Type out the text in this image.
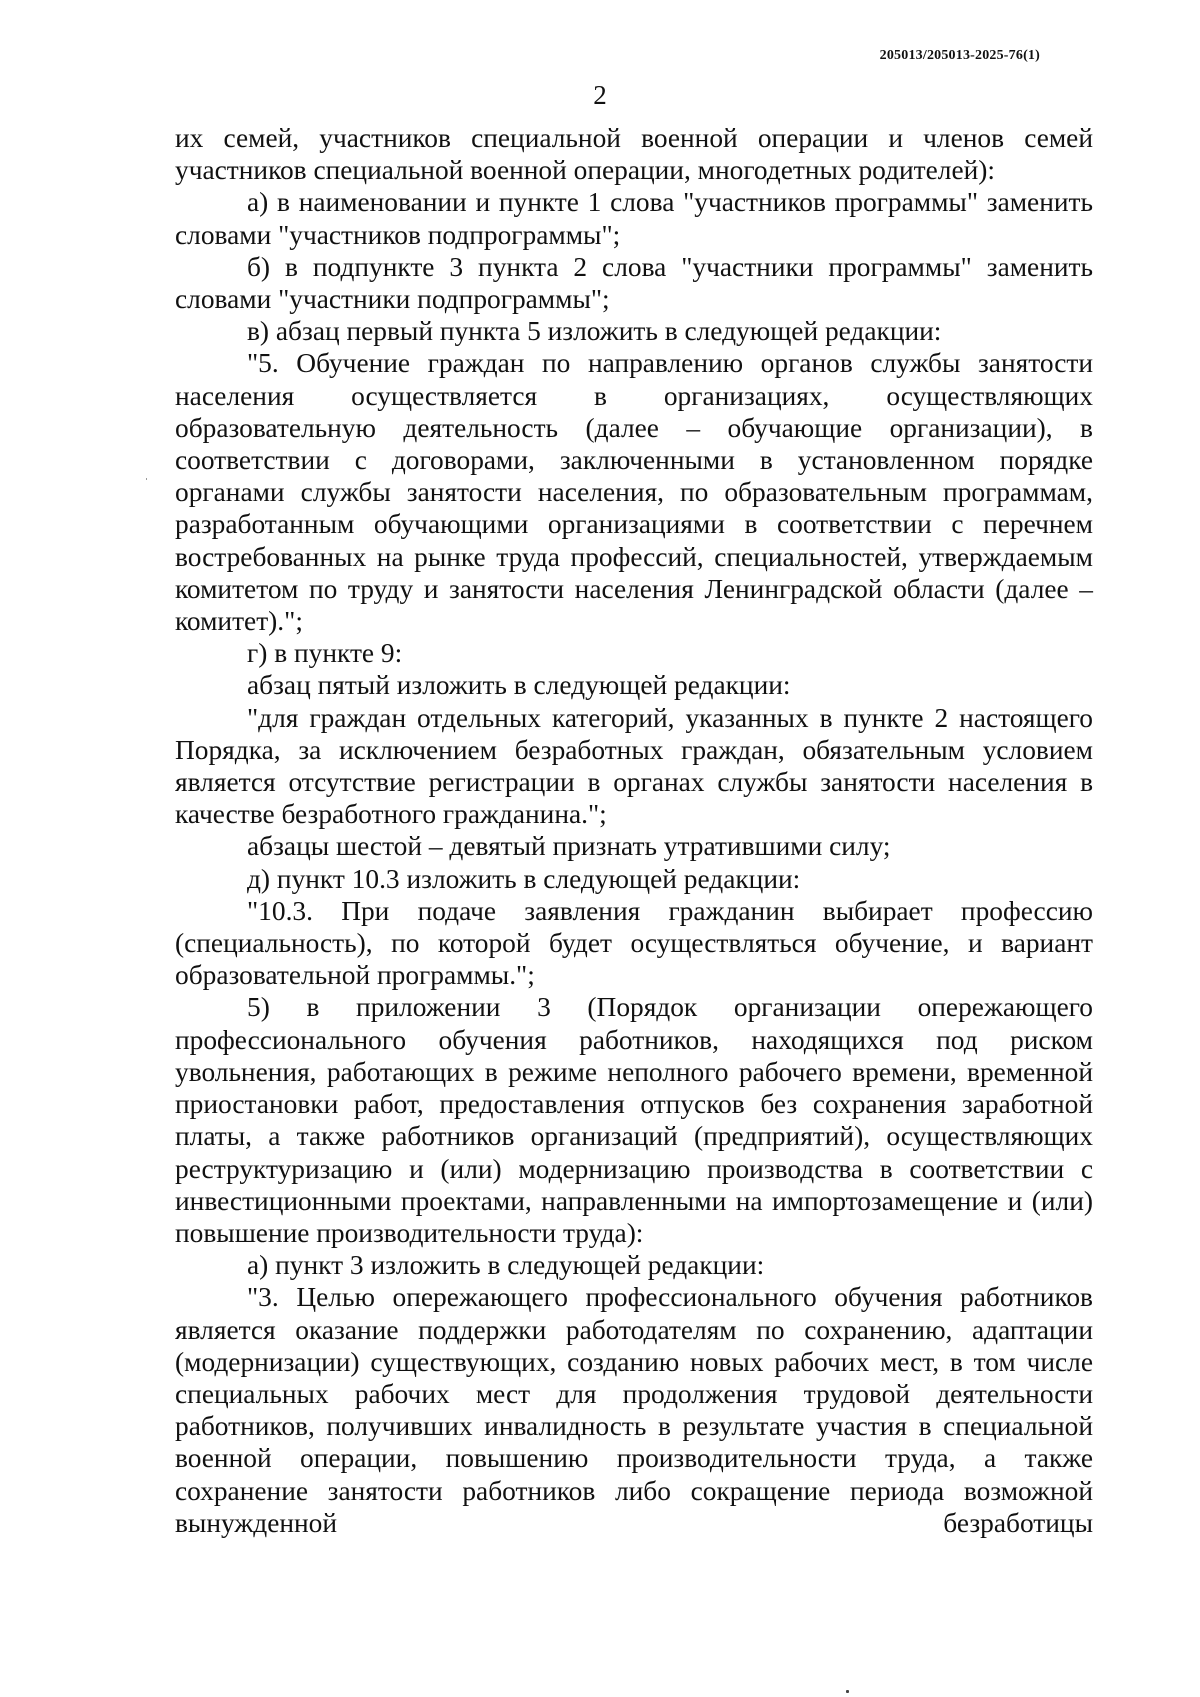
205013/205013-2025-76(1)
2

их семей, участников специальной военной операции и членов семей участников специальной военной операции, многодетных родителей):

а) в наименовании и пункте 1 слова "участников программы" заменить словами "участников подпрограммы";

б) в подпункте 3 пункта 2 слова "участники программы" заменить словами "участники подпрограммы";

в) абзац первый пункта 5 изложить в следующей редакции:

"5. Обучение граждан по направлению органов службы занятости населения осуществляется в организациях, осуществляющих образовательную деятельность (далее – обучающие организации), в соответствии с договорами, заключенными в установленном порядке органами службы занятости населения, по образовательным программам, разработанным обучающими организациями в соответствии с перечнем востребованных на рынке труда профессий, специальностей, утверждаемым комитетом по труду и занятости населения Ленинградской области (далее – комитет).";

г) в пункте 9:

абзац пятый изложить в следующей редакции:

"для граждан отдельных категорий, указанных в пункте 2 настоящего Порядка, за исключением безработных граждан, обязательным условием является отсутствие регистрации в органах службы занятости населения в качестве безработного гражданина.";

абзацы шестой – девятый признать утратившими силу;

д) пункт 10.3 изложить в следующей редакции:

"10.3. При подаче заявления гражданин выбирает профессию (специальность), по которой будет осуществляться обучение, и вариант образовательной программы.";

5) в приложении 3 (Порядок организации опережающего профессионального обучения работников, находящихся под риском увольнения, работающих в режиме неполного рабочего времени, временной приостановки работ, предоставления отпусков без сохранения заработной платы, а также работников организаций (предприятий), осуществляющих реструктуризацию и (или) модернизацию производства в соответствии с инвестиционными проектами, направленными на импортозамещение и (или) повышение производительности труда):

а) пункт 3 изложить в следующей редакции:

"3. Целью опережающего профессионального обучения работников является оказание поддержки работодателям по сохранению, адаптации (модернизации) существующих, созданию новых рабочих мест, в том числе специальных рабочих мест для продолжения трудовой деятельности работников, получивших инвалидность в результате участия в специальной военной операции, повышению производительности труда, а также сохранение занятости работников либо сокращение периода возможной вынужденной безработицы
